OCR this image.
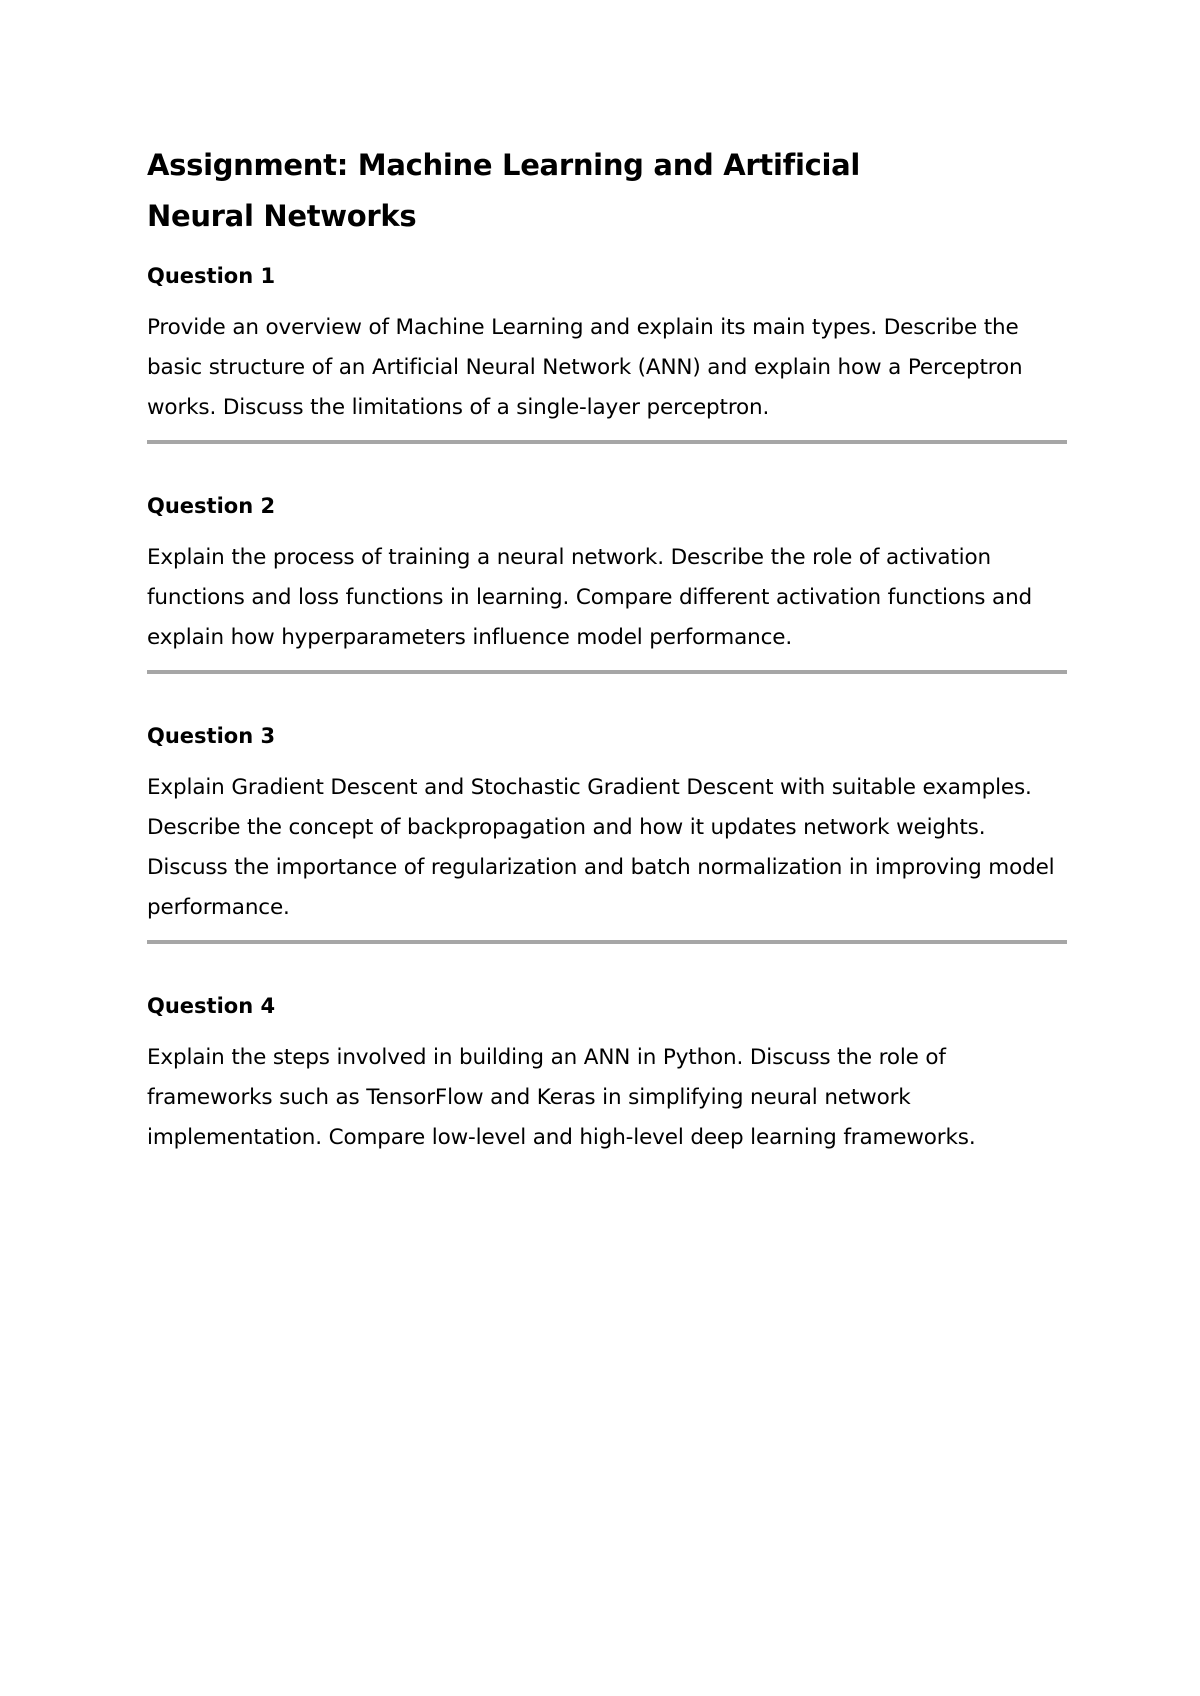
Assignment: Machine Learning and Artificial Neural Networks
Question 1

Provide an overview of Machine Learning and explain its main types. Describe the basic structure of an Artificial Neural Network (ANN) and explain how a Perceptron works. Discuss the limitations of a single-layer perceptron.

Question 2

Explain the process of training a neural network. Describe the role of activation functions and loss functions in learning. Compare different activation functions and explain how hyperparameters influence model performance.

Question 3

Explain Gradient Descent and Stochastic Gradient Descent with suitable examples. Describe the concept of backpropagation and how it updates network weights. Discuss the importance of regularization and batch normalization in improving model performance.

Question 4

Explain the steps involved in building an ANN in Python. Discuss the role of frameworks such as TensorFlow and Keras in simplifying neural network implementation. Compare low-level and high-level deep learning frameworks.
